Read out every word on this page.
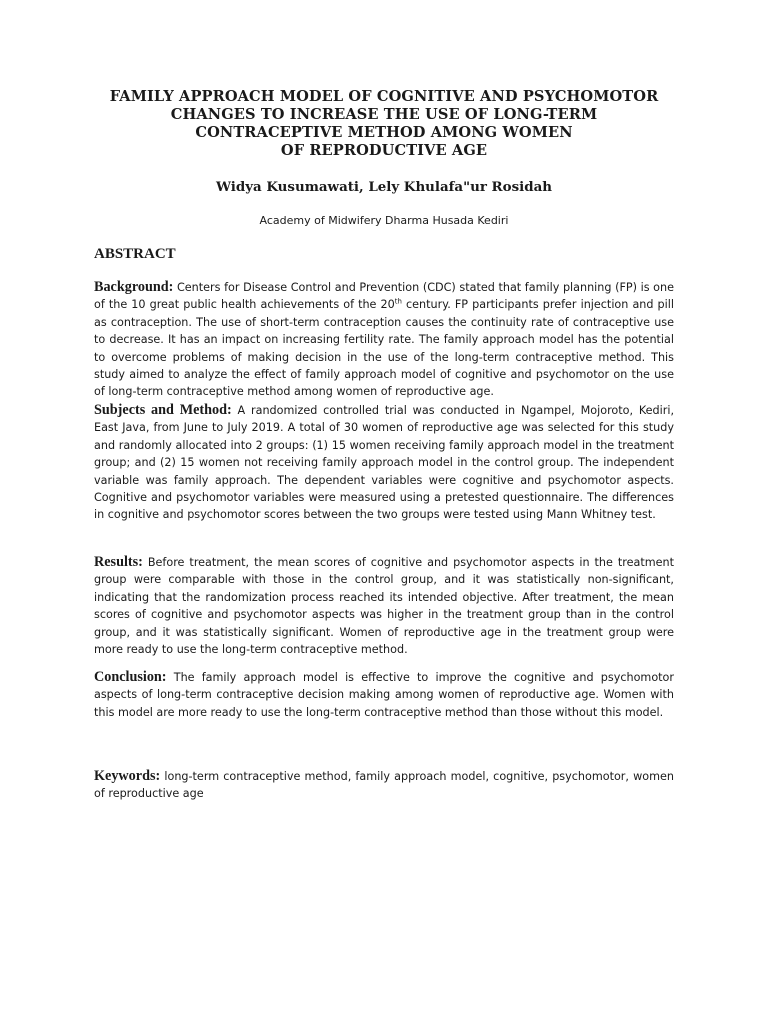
FAMILY APPROACH MODEL OF COGNITIVE AND PSYCHOMOTOR
CHANGES TO INCREASE THE USE OF LONG-TERM
CONTRACEPTIVE METHOD AMONG WOMEN
OF REPRODUCTIVE AGE
Widya Kusumawati, Lely Khulafa"ur Rosidah
Academy of Midwifery Dharma Husada Kediri
ABSTRACT
Background: Centers for Disease Control and Prevention (CDC) stated that family planning (FP) is one of the 10 great public health achievements of the 20th century. FP participants prefer injection and pill as contraception. The use of short-term contraception causes the continuity rate of contraceptive use to decrease. It has an impact on increasing fertility rate. The family approach model has the potential to overcome problems of making decision in the use of the long-term contraceptive method. This study aimed to analyze the effect of family approach model of cognitive and psychomotor on the use of long-term contraceptive method among women of reproductive age.
Subjects and Method: A randomized controlled trial was conducted in Ngampel, Mojoroto, Kediri, East Java, from June to July 2019. A total of 30 women of reproductive age was selected for this study and randomly allocated into 2 groups: (1) 15 women receiving family approach model in the treatment group; and (2) 15 women not receiving family approach model in the control group. The independent variable was family approach. The dependent variables were cognitive and psychomotor aspects. Cognitive and psychomotor variables were measured using a pretested questionnaire. The differences in cognitive and psychomotor scores between the two groups were tested using Mann Whitney test.
Results: Before treatment, the mean scores of cognitive and psychomotor aspects in the treatment group were comparable with those in the control group, and it was statistically non-significant, indicating that the randomization process reached its intended objective. After treatment, the mean scores of cognitive and psychomotor aspects was higher in the treatment group than in the control group, and it was statistically significant. Women of reproductive age in the treatment group were more ready to use the long-term contraceptive method.
Conclusion: The family approach model is effective to improve the cognitive and psychomotor aspects of long-term contraceptive decision making among women of reproductive age. Women with this model are more ready to use the long-term contraceptive method than those without this model.
Keywords: long-term contraceptive method, family approach model, cognitive, psychomotor, women of reproductive age
